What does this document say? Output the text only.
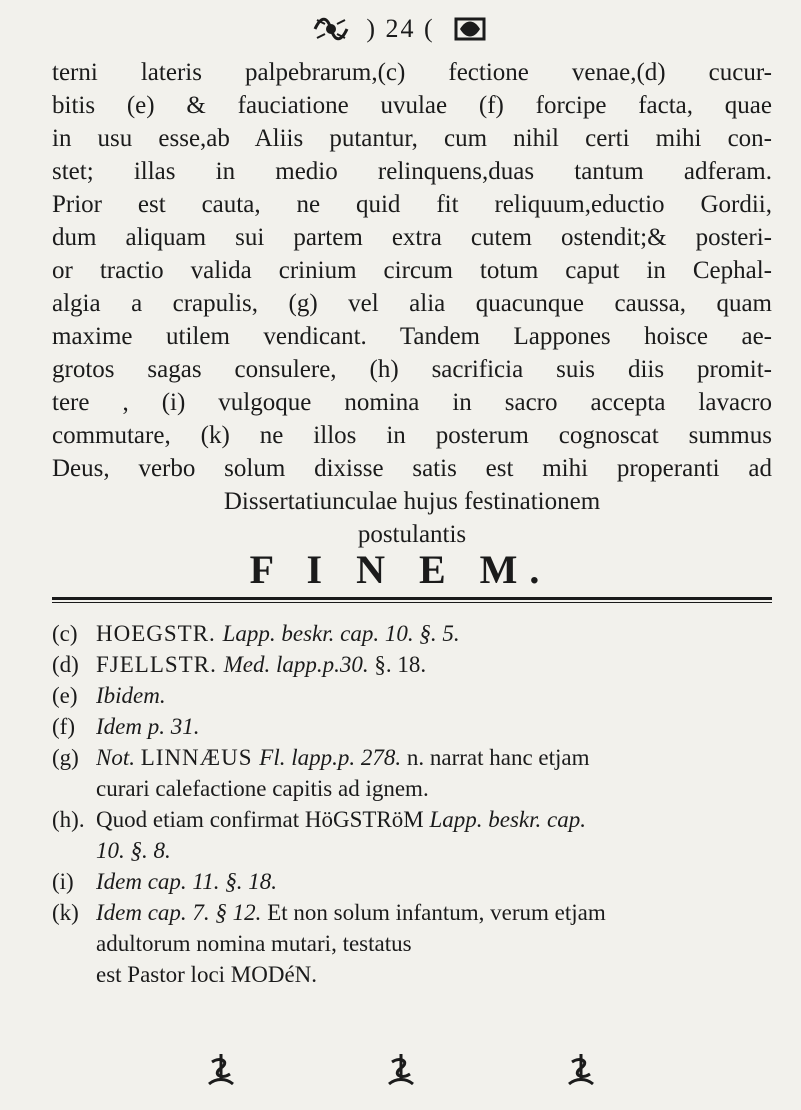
) 24 (
terni lateris palpebrarum,(c) fectione venae,(d) cucur-
bitis (e) & fauciatione uvulae (f) forcipe facta, quae
in usu esse,ab Aliis putantur, cum nihil certi mihi con-
stet; illas in medio relinquens,duas tantum adferam.
Prior est cauta, ne quid fit reliquum,eductio Gordii,
dum aliquam sui partem extra cutem ostendit;& posteri-
or tractio valida crinium circum totum caput in Cephal-
algia a crapulis, (g) vel alia quacunque caussa, quam
maxime utilem vendicant. Tandem Lappones hoisce ae-
grotos sagas consulere, (h) sacrificia suis diis promit-
tere , (i) vulgoque nomina in sacro accepta lavacro
commutare, (k) ne illos in posterum cognoscat summus
Deus, verbo solum dixisse satis est mihi properanti ad
Dissertatiunculae hujus festinationem
postulantis
F I N E M.
(c) HOEGSTR. Lapp. beskr. cap. 10. §. 5.
(d) FJELLSTR. Med. lapp.p.30. §. 18.
(e) Ibidem.
(f) Idem p. 31.
(g) Not. LINNÆUS Fl. lapp.p. 278. n. narrat hanc etjam
curari calefactione capitis ad ignem.
(h). Quod etiam confirmat HöGSTRöM Lapp. beskr. cap.
10. §. 8.
(i) Idem cap. 11. §. 18.
(k) Idem cap. 7. § 12. Et non solum infantum, verum etjam
adultorum nomina mutari, testatus
est Pastor loci MODéN.
